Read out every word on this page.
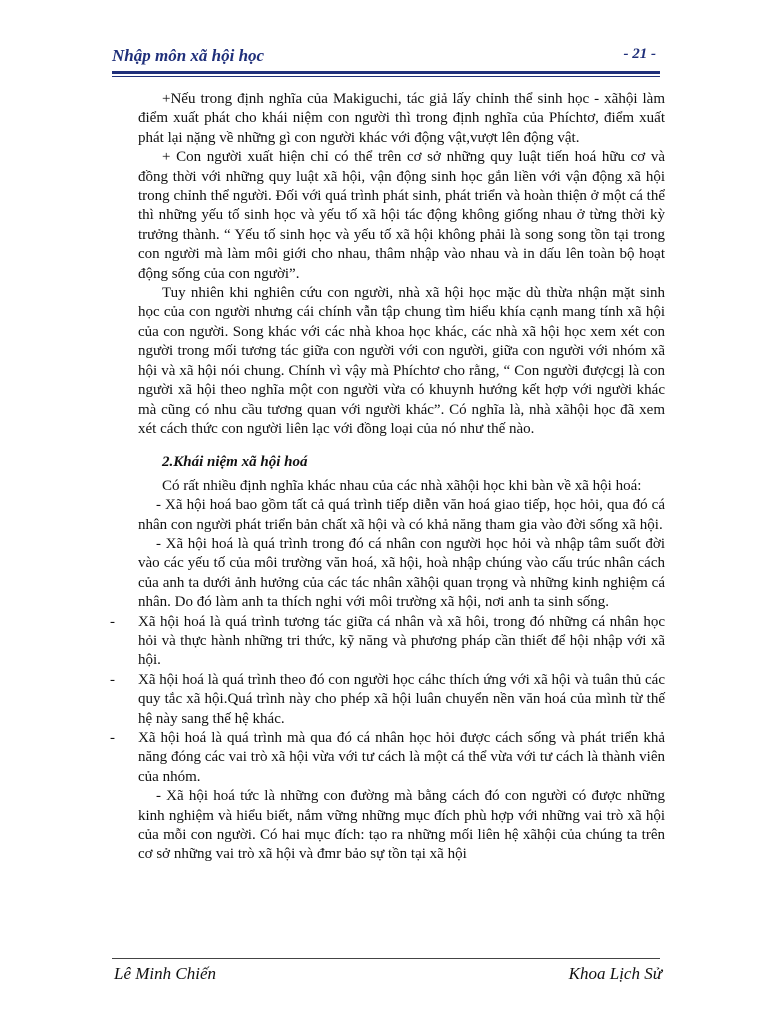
Nhập môn xã hội học	- 21 -

+Nếu trong định nghĩa của Makiguchi, tác giả lấy chỉnh thể sinh học - xãhội làm điểm xuất phát cho khái niệm con người thì trong định nghĩa của Phíchtơ, điểm xuất phát lại nặng về những gì con người khác với động vật,vượt lên động vật.

+ Con người xuất hiện chỉ có thể trên cơ sở những quy luật tiến hoá hữu cơ và đồng thời với những quy luật xã hội, vận động sinh học gắn liền với vận động xã hội trong chỉnh thể người. Đối với quá trình phát sinh, phát triển và hoàn thiện ở một cá thể thì những yếu tố sinh học và yếu tố xã hội tác động không giống nhau ở từng thời kỳ trưởng thành. “ Yếu tố sinh học và yếu tố xã hội không phải là song song tồn tại trong con người mà làm môi giới cho nhau, thâm nhập vào nhau và in dấu lên toàn bộ hoạt động sống của con người”.

Tuy nhiên khi nghiên cứu con người, nhà xã hội học mặc dù thừa nhận mặt sinh học của con người nhưng cái chính vẫn tập chung tìm hiểu khía cạnh mang tính xã hội của con người. Song khác với các nhà khoa học khác, các nhà xã hội học xem xét con người trong mối tương tác giữa con người với con người, giữa con người với nhóm xã hội và xã hội nói chung. Chính vì vậy mà Phíchtơ cho rằng, “ Con người đượcgị là con người xã hội theo nghĩa một con người vừa có khuynh hướng kết hợp với người khác mà cũng có nhu cầu tương quan với người khác”. Có nghĩa là, nhà xãhội học đã xem xét cách thức con người liên lạc với đồng loại của nó như thế nào.

2.Khái niệm xã hội hoá

Có rất nhiều định nghĩa khác nhau của các nhà xãhội học khi bàn về xã hội hoá:

- Xã hội hoá bao gồm tất cả quá trình tiếp diễn văn hoá giao tiếp, học hỏi, qua đó cá nhân con người phát triển bản chất xã hội và có khả năng tham gia vào đời sống xã hội.

- Xã hội hoá là quá trình trong đó cá nhân con người học hỏi và nhập tâm suốt đời vào các yếu tố của môi trường văn hoá, xã hội, hoà nhập chúng vào cấu trúc nhân cách của anh ta dưới ảnh hưởng của các tác nhân xãhội quan trọng và những kinh nghiệm cá nhân. Do đó làm anh ta thích nghi với môi trường xã hội, nơi anh ta sinh sống.

- Xã hội hoá là quá trình tương tác giữa cá nhân và xã hôi, trong đó những cá nhân học hỏi và thực hành những tri thức, kỹ năng và phương pháp cần thiết để hội nhập với xã hội.

- Xã hội hoá là quá trình theo đó con người học cáhc thích ứng với xã hội và tuân thủ các quy tắc xã hội.Quá trình này cho phép xã hội luân chuyển nền văn hoá của mình từ thế hệ này sang thế hệ khác.

- Xã hội hoá là quá trình mà qua đó cá nhân học hỏi được cách sống và phát triển khả năng đóng các vai trò xã hội vừa với tư cách là một cá thể vừa với tư cách là thành viên của nhóm.

- Xã hội hoá tức là những con đường mà bằng cách đó con người có được những kinh nghiệm và hiểu biết, nắm vững những mục đích phù hợp với những vai trò xã hội của mỗi con người. Có hai mục đích: tạo ra những mối liên hệ xãhội của chúng ta trên cơ sở những vai trò xã hội và đmr bảo sự tồn tại xã hội

Lê Minh Chiến	Khoa Lịch Sử
